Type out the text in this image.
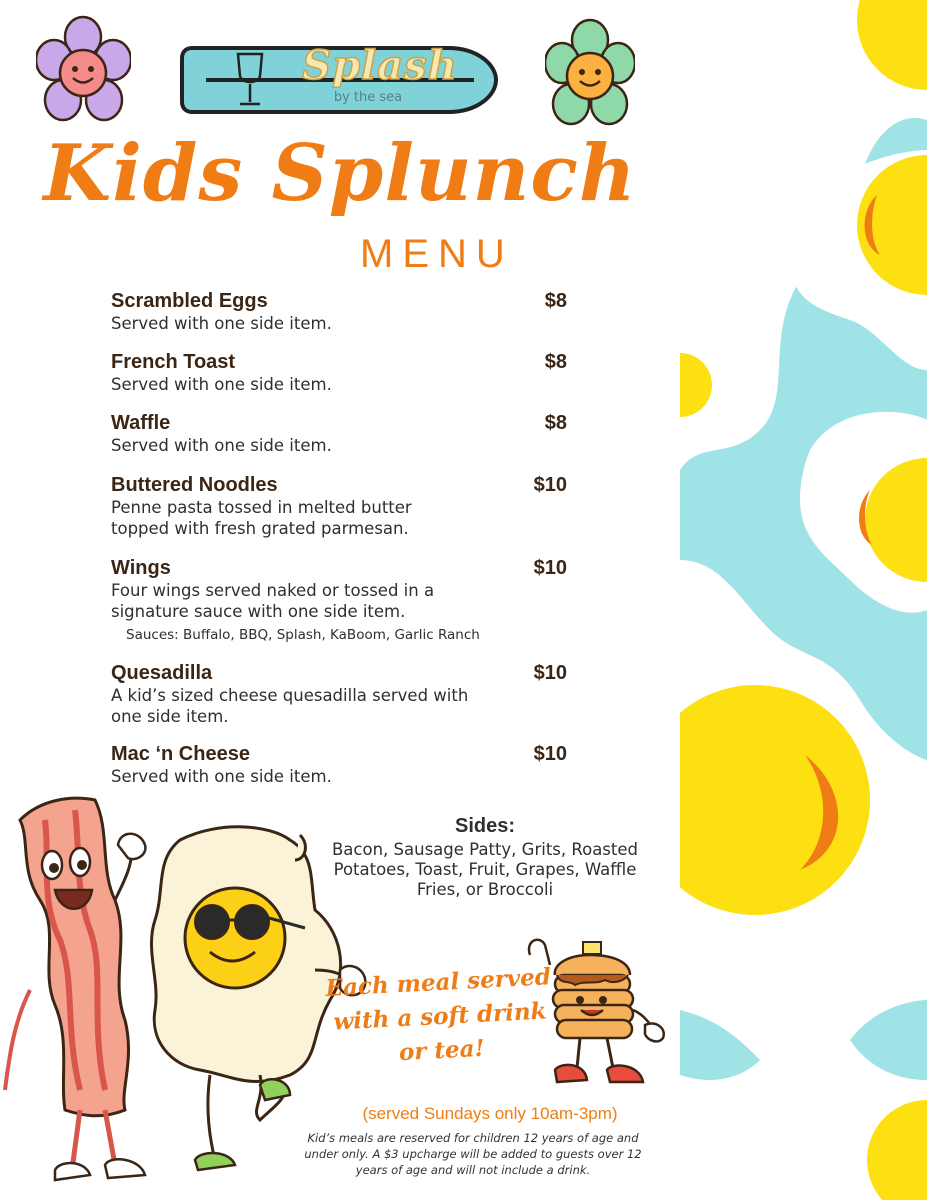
Splash
by the sea
Kids Splunch
MENU
Scrambled Eggs	$8
Served with one side item.
French Toast	$8
Served with one side item.
Waffle	$8
Served with one side item.
Buttered Noodles	$10
Penne pasta tossed in melted butter topped with fresh grated parmesan.
Wings	$10
Four wings served naked or tossed in a signature sauce with one side item.
Sauces: Buffalo, BBQ, Splash, KaBoom, Garlic Ranch
Quesadilla	$10
A kid’s sized cheese quesadilla served with one side item.
Mac ‘n Cheese	$10
Served with one side item.
Sides:
Bacon, Sausage Patty, Grits, Roasted Potatoes, Toast, Fruit, Grapes, Waffle Fries, or Broccoli
Each meal served with a soft drink or tea!
(served Sundays only 10am-3pm)
Kid’s meals are reserved for children 12 years of age and under only. A $3 upcharge will be added to guests over 12 years of age and will not include a drink.
